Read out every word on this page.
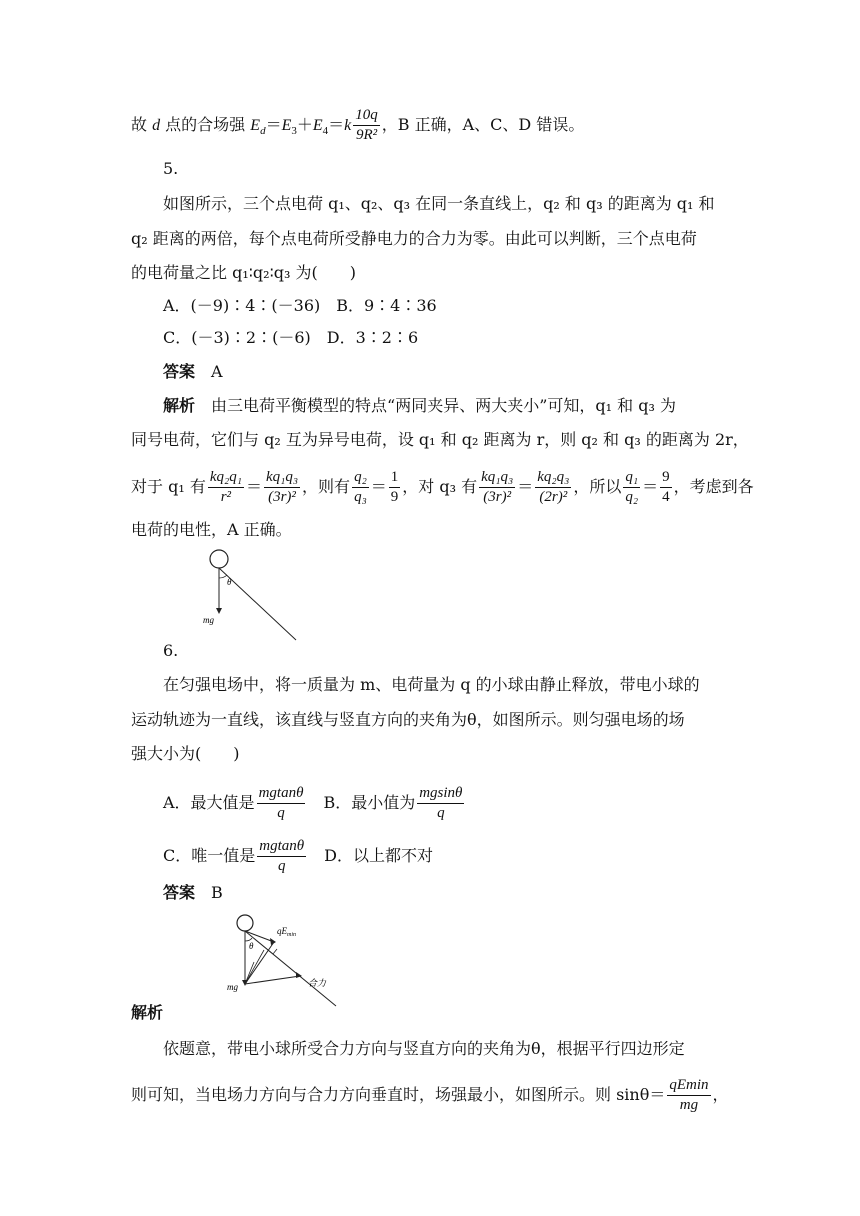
故 d 点的合场强 $E_d=E_3+E_4=k \frac{10q}{\text{9R²}}$ ，B 正确，A、C、D 错误。
5.
如图所示，三个点电荷 q₁、q₂、q₃ 在同一条直线上，q₂ 和 q₃ 的距离为 q₁ 和
q₂ 距离的两倍，每个点电荷所受静电力的合力为零。由此可以判断，三个点电荷
的电荷量之比 q₁∶q₂∶q₃ 为(　　)
A．(－9)∶4∶(－36)　B．9∶4∶36
C．(－3)∶2∶(－6)　D．3∶2∶6
答案　 A
解析　 由三电荷平衡模型的特点“两同夹异、两大夹小”可知，q₁ 和 q₃ 为
同号电荷，它们与 q₂ 互为异号电荷，设 q₁ 和 q₂ 距离为 r，则 q₂ 和 q₃ 的距离为 2r，
对于 q₁ 有 $\frac{\text{kq₂q₁}}{\text{r²}} = \frac{\text{kq₁q₃}}{\text{(3r)²}}$ ，则有 $\frac{\text{q₂}}{\text{q₃}} = \frac{1}{9}$ ，对 q₃ 有 $\frac{\text{kq₁q₃}}{\text{(3r)²}} = \frac{\text{kq₂q₃}}{\text{(2r)²}}$ ，所以 $\frac{\text{q₁}}{\text{q₂}} = \frac{9}{4}$ ，考虑到各
电荷的电性，A 正确。
θ
mg
6.
在匀强电场中，将一质量为 m、电荷量为 q 的小球由静止释放，带电小球的
运动轨迹为一直线，该直线与竖直方向的夹角为θ，如图所示。则匀强电场的场
强大小为(　　)
A．最大值是 $\frac{mgtan\theta}{q}$
　 B．最小值为 $\frac{mgsin\theta}{q}$
C．唯一值是 $\frac{mgtan\theta}{q}$
　 D．以上都不对
答案　 B
θ
$qE_{min}$
mg	合力
解析
依题意，带电小球所受合力方向与竖直方向的夹角为θ，根据平行四边形定
则可知，当电场力方向与合力方向垂直时，场强最小，如图所示。则 $\sin\theta= \frac{qEmin}{mg}$ ，
